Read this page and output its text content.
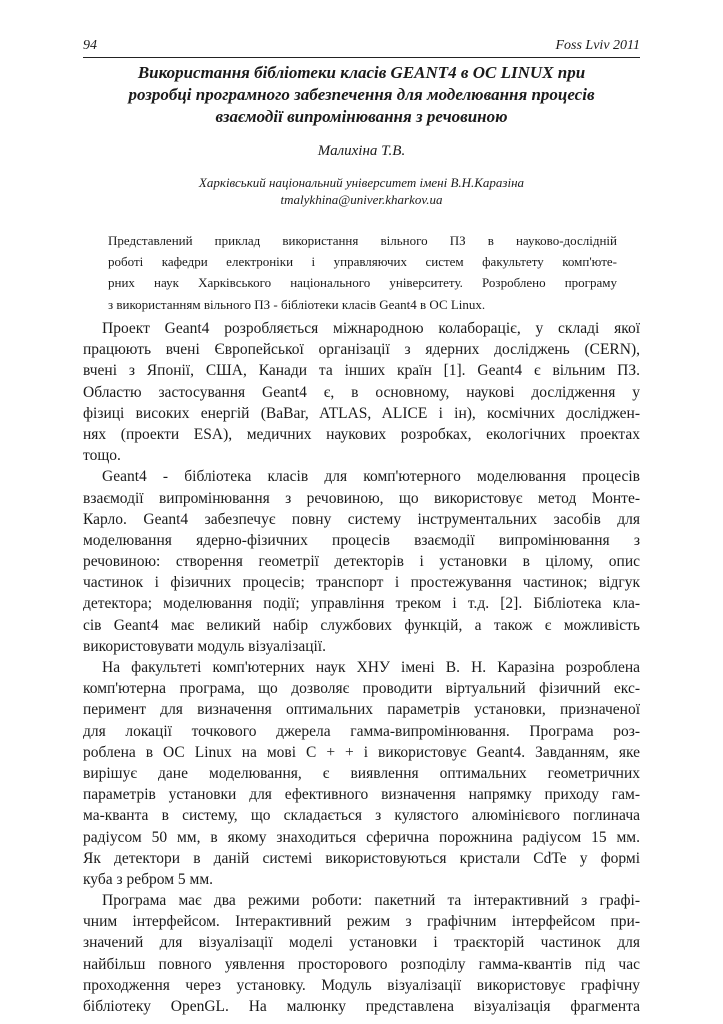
94	Foss Lviv 2011
Використання бібліотеки класів GEANT4 в ОС LINUX при
розробці програмного забезпечення для моделювання процесів
взаємодії випромінювання з речовиною
Малихіна Т.В.
Харківський національний університет імені В.Н.Каразіна
tmalykhina@univer.kharkov.ua
Представлений приклад використання вільного ПЗ в науково-дослідній
роботі кафедри електроніки і управляючих систем факультету комп'юте-
рних наук Харківського національного університету. Розроблено програму
з використанням вільного ПЗ - бібліотеки класів Geant4 в ОС Linux.
Проект Geant4 розробляється міжнародною колабораціє, у складі якої
працюють вчені Європейської організації з ядерних досліджень (CERN),
вчені з Японії, США, Канади та інших країн [1]. Geant4 є вільним ПЗ.
Областю застосування Geant4 є, в основному, наукові дослідження у
фізиці високих енергій (BaBar, ATLAS, ALICE і ін), космічних досліджен-
нях (проекти ESA), медичних наукових розробках, екологічних проектах
тощо.
Geant4 - бібліотека класів для комп'ютерного моделювання процесів
взаємодії випромінювання з речовиною, що використовує метод Монте-
Карло. Geant4 забезпечує повну систему інструментальних засобів для
моделювання ядерно-фізичних процесів взаємодії випромінювання з
речовиною: створення геометрії детекторів і установки в цілому, опис
частинок і фізичних процесів; транспорт і простежування частинок; відгук
детектора; моделювання події; управління треком і т.д. [2]. Бібліотека кла-
сів Geant4 має великий набір службових функцій, а також є можливість
використовувати модуль візуалізації.
На факультеті комп'ютерних наук ХНУ імені В. Н. Каразіна розроблена
комп'ютерна програма, що дозволяє проводити віртуальний фізичний екс-
перимент для визначення оптимальних параметрів установки, призначеної
для локації точкового джерела гамма-випромінювання. Програма роз-
роблена в ОС Linux на мові С + + і використовує Geant4. Завданням, яке
вирішує дане моделювання, є виявлення оптимальних геометричних
параметрів установки для ефективного визначення напрямку приходу гам-
ма-кванта в систему, що складається з кулястого алюмінієвого поглинача
радіусом 50 мм, в якому знаходиться сферична порожнина радіусом 15 мм.
Як детектори в даній системі використовуються кристали CdTe у формі
куба з ребром 5 мм.
Програма має два режими роботи: пакетний та інтерактивний з графі-
чним інтерфейсом. Інтерактивний режим з графічним інтерфейсом при-
значений для візуалізації моделі установки і траєкторій частинок для
найбільш повного уявлення просторового розподілу гамма-квантів під час
проходження через установку. Модуль візуалізації використовує графічну
бібліотеку OpenGL. На малюнку представлена візуалізація фрагмента
